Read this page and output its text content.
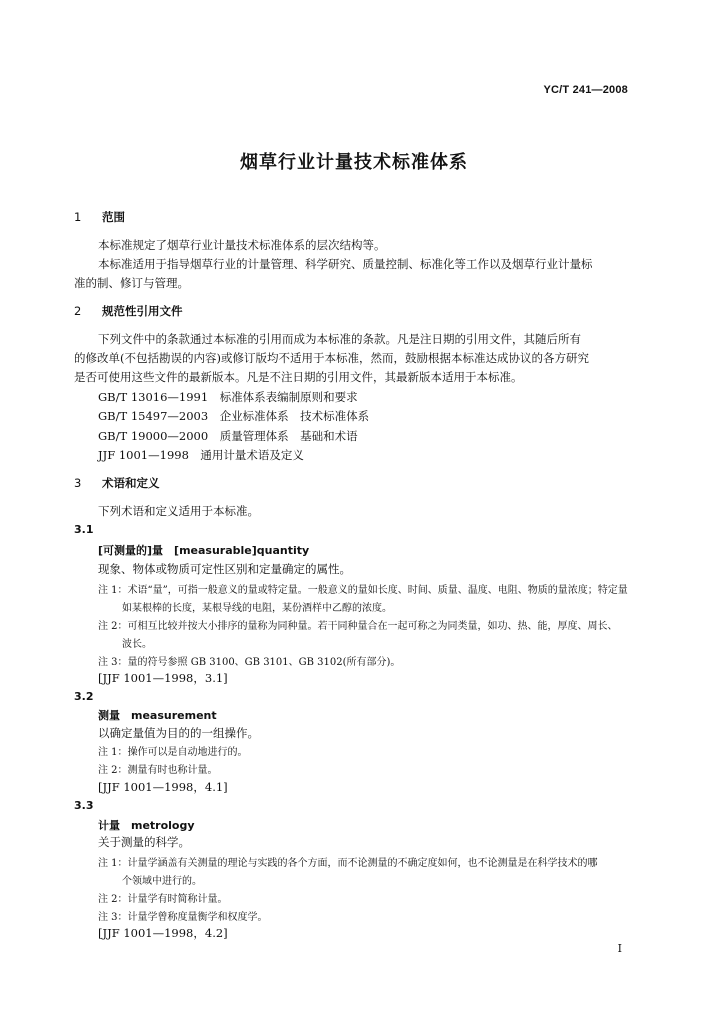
YC/T 241—2008
烟草行业计量技术标准体系
1 范围
本标准规定了烟草行业计量技术标准体系的层次结构等。
本标准适用于指导烟草行业的计量管理、科学研究、质量控制、标准化等工作以及烟草行业计量标
准的制、修订与管理。
2 规范性引用文件
下列文件中的条款通过本标准的引用而成为本标准的条款。凡是注日期的引用文件，其随后所有
的修改单(不包括勘误的内容)或修订版均不适用于本标准，然而，鼓励根据本标准达成协议的各方研究
是否可使用这些文件的最新版本。凡是不注日期的引用文件，其最新版本适用于本标准。
GB/T 13016—1991　标准体系表编制原则和要求
GB/T 15497—2003　企业标准体系　技术标准体系
GB/T 19000—2000　质量管理体系　基础和术语
JJF 1001—1998　通用计量术语及定义
3 术语和定义
下列术语和定义适用于本标准。
3.1
[可测量的]量　[measurable]quantity
现象、物体或物质可定性区别和定量确定的属性。
注 1：术语“量”，可指一般意义的量或特定量。一般意义的量如长度、时间、质量、温度、电阻、物质的量浓度；特定量
如某根棒的长度，某根导线的电阻，某份酒样中乙醇的浓度。
注 2：可相互比较并按大小排序的量称为同种量。若干同种量合在一起可称之为同类量，如功、热、能，厚度、周长、
波长。
注 3：量的符号参照 GB 3100、GB 3101、GB 3102(所有部分)。
[JJF 1001—1998，3.1]
3.2
测量　measurement
以确定量值为目的的一组操作。
注 1：操作可以是自动地进行的。
注 2：测量有时也称计量。
[JJF 1001—1998，4.1]
3.3
计量　metrology
关于测量的科学。
注 1：计量学涵盖有关测量的理论与实践的各个方面，而不论测量的不确定度如何，也不论测量是在科学技术的哪
个领域中进行的。
注 2：计量学有时简称计量。
注 3：计量学曾称度量衡学和权度学。
[JJF 1001—1998，4.2]
I
